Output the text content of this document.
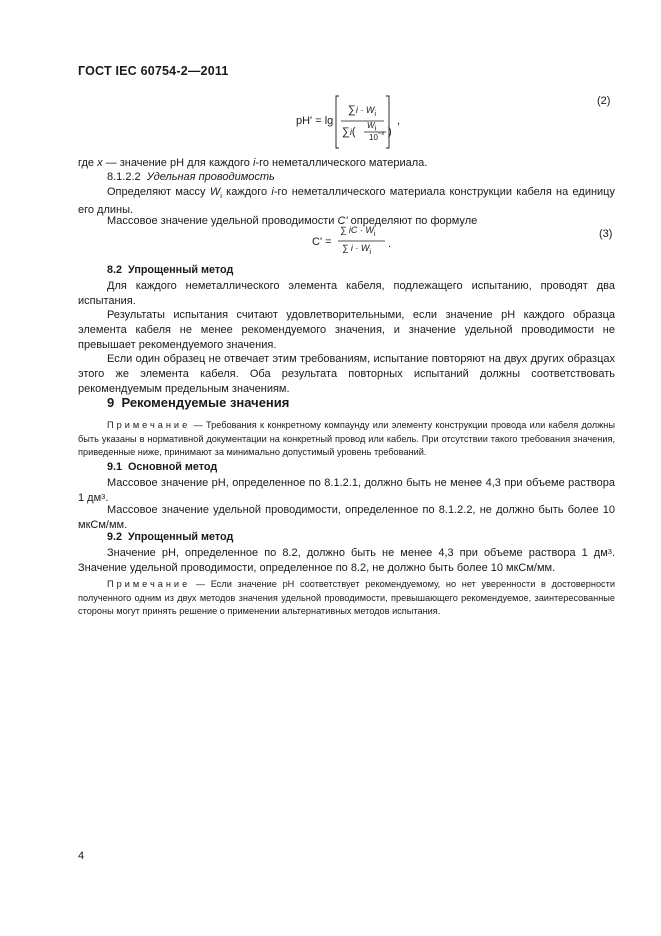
ГОСТ IEC 60754-2—2011
pH' = lg
$\sum i \cdot W_i$
∑i(
$W_i$
$10^{-x}$ )
,
(2)
где x — значение рН для каждого i-го неметаллического материала.
8.1.2.2 Удельная проводимость
Определяют массу $W_i$ каждого i-го неметаллического материала конструкции кабеля на единицу его длины.
Массовое значение удельной проводимости C' определяют по формуле
C' =
∑ iC · $W_i$
∑ $i \cdot W_i$
.
(3)
8.2 Упрощенный метод
Для каждого неметаллического элемента кабеля, подлежащего испытанию, проводят два испытания.
Результаты испытания считают удовлетворительными, если значение рН каждого образца элемента кабеля не менее рекомендуемого значения, и значение удельной проводимости не превышает рекомендуемого значения.
Если один образец не отвечает этим требованиям, испытание повторяют на двух других образцах этого же элемента кабеля. Оба результата повторных испытаний должны соответствовать рекомендуемым предельным значениям.
9 Рекомендуемые значения
Примечание — Требования к конкретному компаунду или элементу конструкции провода или кабеля должны быть указаны в нормативной документации на конкретный провод или кабель. При отсутствии такого требования значения, приведенные ниже, принимают за минимально допустимый уровень требований.
9.1 Основной метод
Массовое значение рН, определенное по 8.1.2.1, должно быть не менее 4,3 при объеме раствора 1 $дм^3$.
Массовое значение удельной проводимости, определенное по 8.1.2.2, не должно быть более 10 мкСм/мм.
9.2 Упрощенный метод
Значение рН, определенное по 8.2, должно быть не менее 4,3 при объеме раствора 1 $дм^3$. Значение удельной проводимости, определенное по 8.2, не должно быть более 10 мкСм/мм.
Примечание — Если значение рН соответствует рекомендуемому, но нет уверенности в достоверности полученного одним из двух методов значения удельной проводимости, превышающего рекомендуемое, заинтересованные стороны могут принять решение о применении альтернативных методов испытания.
4
